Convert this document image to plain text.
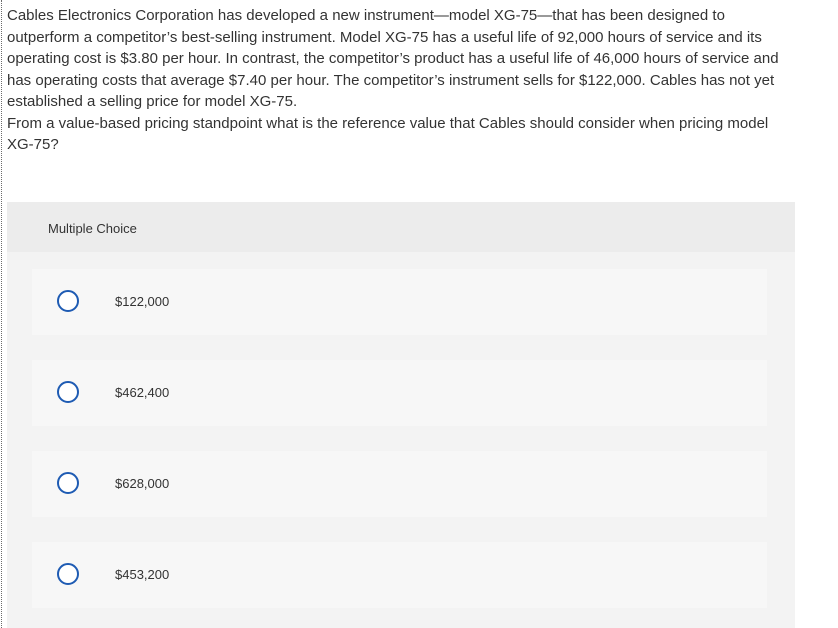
Cables Electronics Corporation has developed a new instrument—model XG-75—that has been designed to outperform a competitor’s best-selling instrument. Model XG-75 has a useful life of 92,000 hours of service and its operating cost is $3.80 per hour. In contrast, the competitor’s product has a useful life of 46,000 hours of service and has operating costs that average $7.40 per hour. The competitor’s instrument sells for $122,000. Cables has not yet established a selling price for model XG-75.

From a value-based pricing standpoint what is the reference value that Cables should consider when pricing model XG-75?

Multiple Choice
$122,000
$462,400
$628,000
$453,200
